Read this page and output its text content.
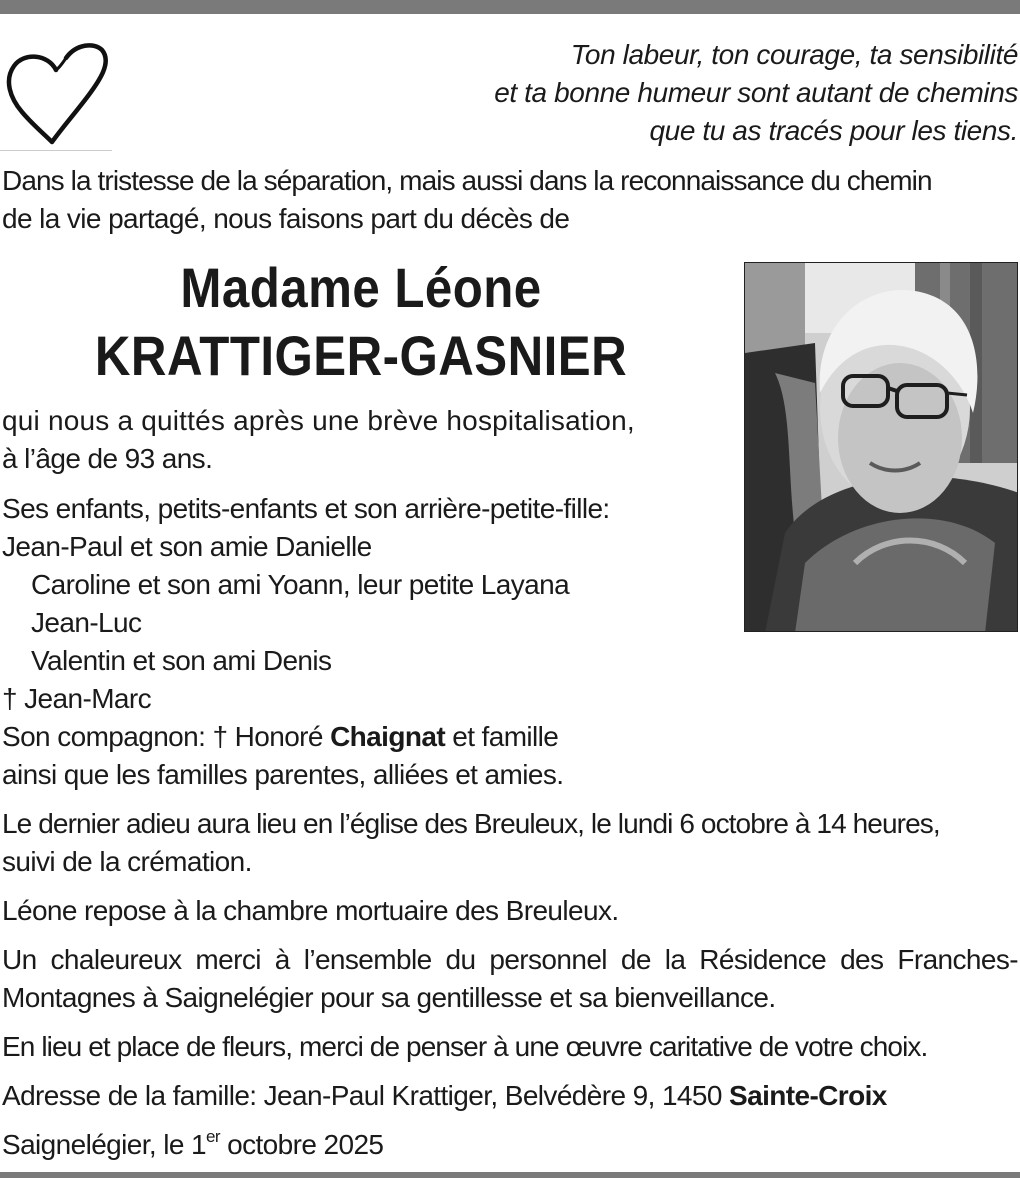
Ton labeur, ton courage, ta sensibilité
et ta bonne humeur sont autant de chemins
que tu as tracés pour les tiens.
Dans la tristesse de la séparation, mais aussi dans la reconnaissance du chemin
de la vie partagé, nous faisons part du décès de
Madame Léone
KRATTIGER-GASNIER
qui nous a quittés après une brève hospitalisation,
à l’âge de 93 ans.
Ses enfants, petits-enfants et son arrière-petite-fille:
Jean-Paul et son amie Danielle
Caroline et son ami Yoann, leur petite Layana
Jean-Luc
Valentin et son ami Denis
† Jean-Marc
Son compagnon: † Honoré Chaignat et famille
ainsi que les familles parentes, alliées et amies.
Le dernier adieu aura lieu en l’église des Breuleux, le lundi 6 octobre à 14 heures,
suivi de la crémation.
Léone repose à la chambre mortuaire des Breuleux.
Un chaleureux merci à l’ensemble du personnel de la Résidence des Franches-Montagnes à Saignelégier pour sa gentillesse et sa bienveillance.
En lieu et place de fleurs, merci de penser à une œuvre caritative de votre choix.
Adresse de la famille: Jean-Paul Krattiger, Belvédère 9, 1450 Sainte-Croix
Saignelégier, le 1er octobre 2025
